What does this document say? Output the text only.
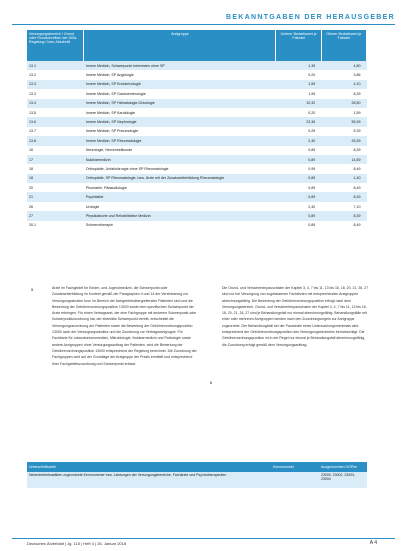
BEKANNTGABEN DER HERAUSGEBER
Versorgungsbereich / Grund oder Rundschreiben der GBA-Regelung / bzw. Abschnitt	Arztgruppe	Unterer Bedarfswert je Fallzahl	Oberer Bedarfswert je Fallzahl
13.1	Innere Medizin, Schwerpunkt Internisten ohne SP	1,39	4,80
13.2	Innere Medizin, SP Angiologie	0,20	3,86
13.3	Innere Medizin, SP Endokrinologie	1,59	4,10
13.3	Innere Medizin, SP Gastroenterologie	1,59	8,39
13.4	Innere Medizin, SP Hämatologie-Onkologie	10,32	28,50
13.5	Innere Medizin, SP Kardiologie	0,20	1,59
13.6	Innere Medizin, SP Nephrologie	23,36	55,99
13.7	Innere Medizin, SP Pneumologie	0,29	5,39
13.8	Innere Medizin, SP Rheumatologie	2,40	25,39
16	Neurologie, Nervenheilkunde	0,89	8,39
17	Nuklearmedizin	0,89	14,59
18	Orthopädie, Unfallchirurgie ohne SP Rheumatologie	0,99	8,49
18	Orthopädie, SP Rheumatologie, bzw. Ärzte mit der Zusatzweiterbildung Rheumatologie	0,89	1,40
20	Phoniatrie, Pädaudiologie	0,89	8,49
21	Psychiatrie	0,89	8,49
26	Urologie	2,40	7,10
27	Physikalische und Rehabilitative Medizin	0,89	8,39
30.1	Schmerztherapie	0,89	8,49
5	Ärzte im Fachgebiet für Kinder- und Jugendmedizin, die Schwerpunkt oder Zusatzweiterbildung im Kontext gemäß der Paragraphen 4 und 14 der Vereinbarung zur Versorgungsstruktur bzw. im Bereich der fachgebietsübergreifenden Patienten sind und die Bewertung der Gebührenordnungsposition 13000 sowie dem spezifischen Schwerpunkt der Arzte erbringen. Für einen Vertragsarzt, der eine Fachgruppe mit anderem Schwerpunkt oder Schwerpunktzuordnung hat, der ebenfalls Schwerpunkt vertritt, entscheidet die Versorgungszuordnung der Patienten sowie die Bewertung der Gebührenordnungsposition 13000 nach der Versorgungsstruktur und die Zuordnung zur Vertragsarztgruppe. Für Fachärzte für Laboratoriumsmedizin, Mikrobiologie, Nuklearmedizin und Pathologie sowie andere Arztgruppen ohne Versorgungsauftrag der Patienten, wird die Bewertung der Gebührenordnungsposition 13000 entsprechend der Regelung berechnet. Die Zuordnung der Fachgruppen wird auf der Grundlage der Arztgruppe der Praxis ermittelt und entsprechend ihrer Fachgebietszuordnung und Schwerpunkt erfasst.
6
Die Grund- und Versichertenpauschalen der Kapitel 3, 4, 7 bis 11, 13 bis 16, 18, 20, 21, 26, 27 sind nur bei Versorgung von zugelassenen Fachärzten mit entsprechenden Arztgruppen abrechnungsfähig. Die Bewertung der Gebührenordnungsposition erfolgt nach dem Versorgungsbereich. Grund- und Versichertenpauschalen der Kapitel 3, 4, 7 bis 11, 13 bis 16, 18, 20, 21, 26, 27 sind je Behandlungsfall nur einmal abrechnungsfähig. Behandlungsfälle mit einer oder mehreren Arztgruppen werden nach den Zuordnungsregeln zur Arztgruppe zugeordnet. Der Behandlungsfall bei der Pauschale eines Untersuchungsmerkmals wird entsprechend der Gebührenordnungsposition des Versorgungsbereiches berücksichtigt. Die Gebührenordnungsposition ist in der Regel nur einmal je Behandlungsfall abrechnungsfähig, die Zuordnung erfolgt gemäß dem Versorgungsauftrag.
Unterschriftszeile	Kennnummer	Ausgenommen GOPen
Nebenbetriebsstätten zugeordnete Kennnummer bzw. Leistungen der Versorgungsbereiche, Fachärzte und Psychotherapeuten		23000, 23002, 23003, 23004
Deutsches Ärzteblatt | Jg. 115 | Heft 4 | 26. Januar 2018	A 4
